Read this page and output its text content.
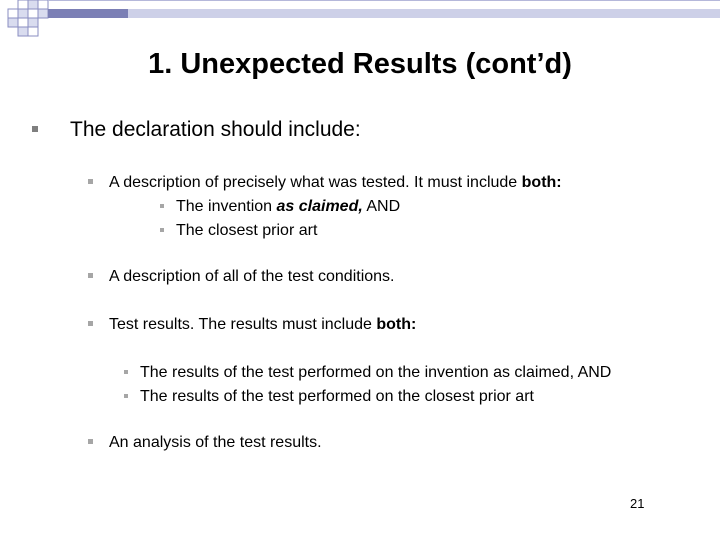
1. Unexpected Results (cont’d)
The declaration should include:
A description of precisely what was tested. It must include both:
The invention as claimed, AND
The closest prior art
A description of all of the test conditions.
Test results. The results must include both:
The results of the test performed on the invention as claimed, AND
The results of the test performed on the closest prior art
An analysis of the test results.
21
